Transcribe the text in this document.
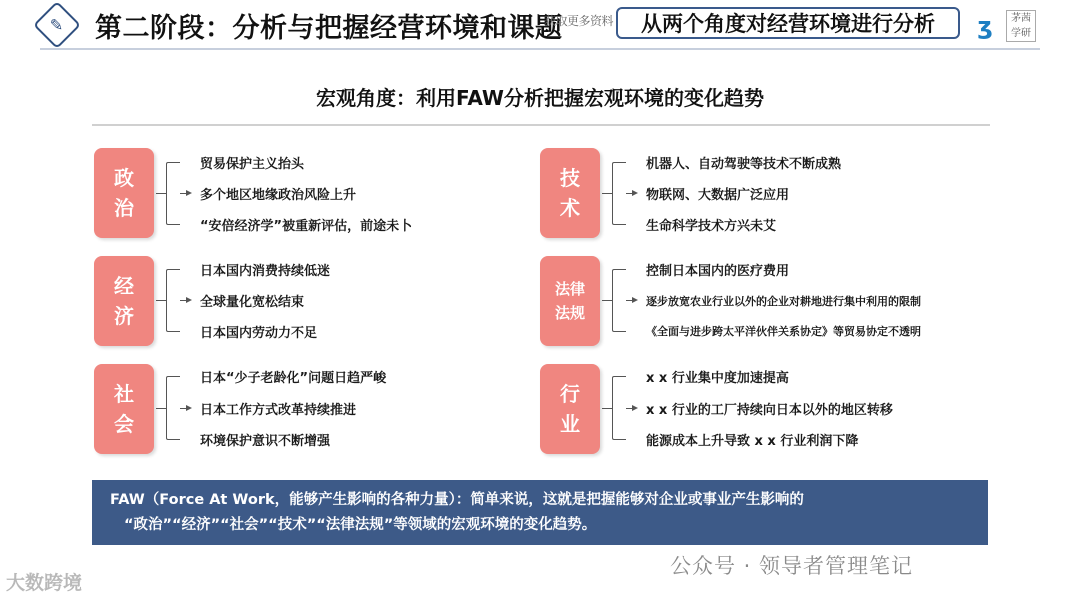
✎ 第二阶段：分析与把握经营环境和课题
获取更多资料	从两个角度对经营环境进行分析	ʒ	茅茜 学研
宏观角度：利用FAW分析把握宏观环境的变化趋势
政
治
贸易保护主义抬头
多个地区地缘政治风险上升
“安倍经济学”被重新评估，前途未卜
经
济
日本国内消费持续低迷
全球量化宽松结束
日本国内劳动力不足
社
会
日本“少子老龄化”问题日趋严峻
日本工作方式改革持续推进
环境保护意识不断增强
技
术
机器人、自动驾驶等技术不断成熟
物联网、大数据广泛应用
生命科学技术方兴未艾
法律
法规
控制日本国内的医疗费用
逐步放宽农业行业以外的企业对耕地进行集中利用的限制
《全面与进步跨太平洋伙伴关系协定》等贸易协定不透明
行
业
x x 行业集中度加速提高
x x 行业的工厂持续向日本以外的地区转移
能源成本上升导致 x x 行业利润下降
FAW（Force At Work，能够产生影响的各种力量）：简单来说，这就是把握能够对企业或事业产生影响的
“政治”“经济”“社会”“技术”“法律法规”等领域的宏观环境的变化趋势。
公众号 · 领导者管理笔记
大数跨境
